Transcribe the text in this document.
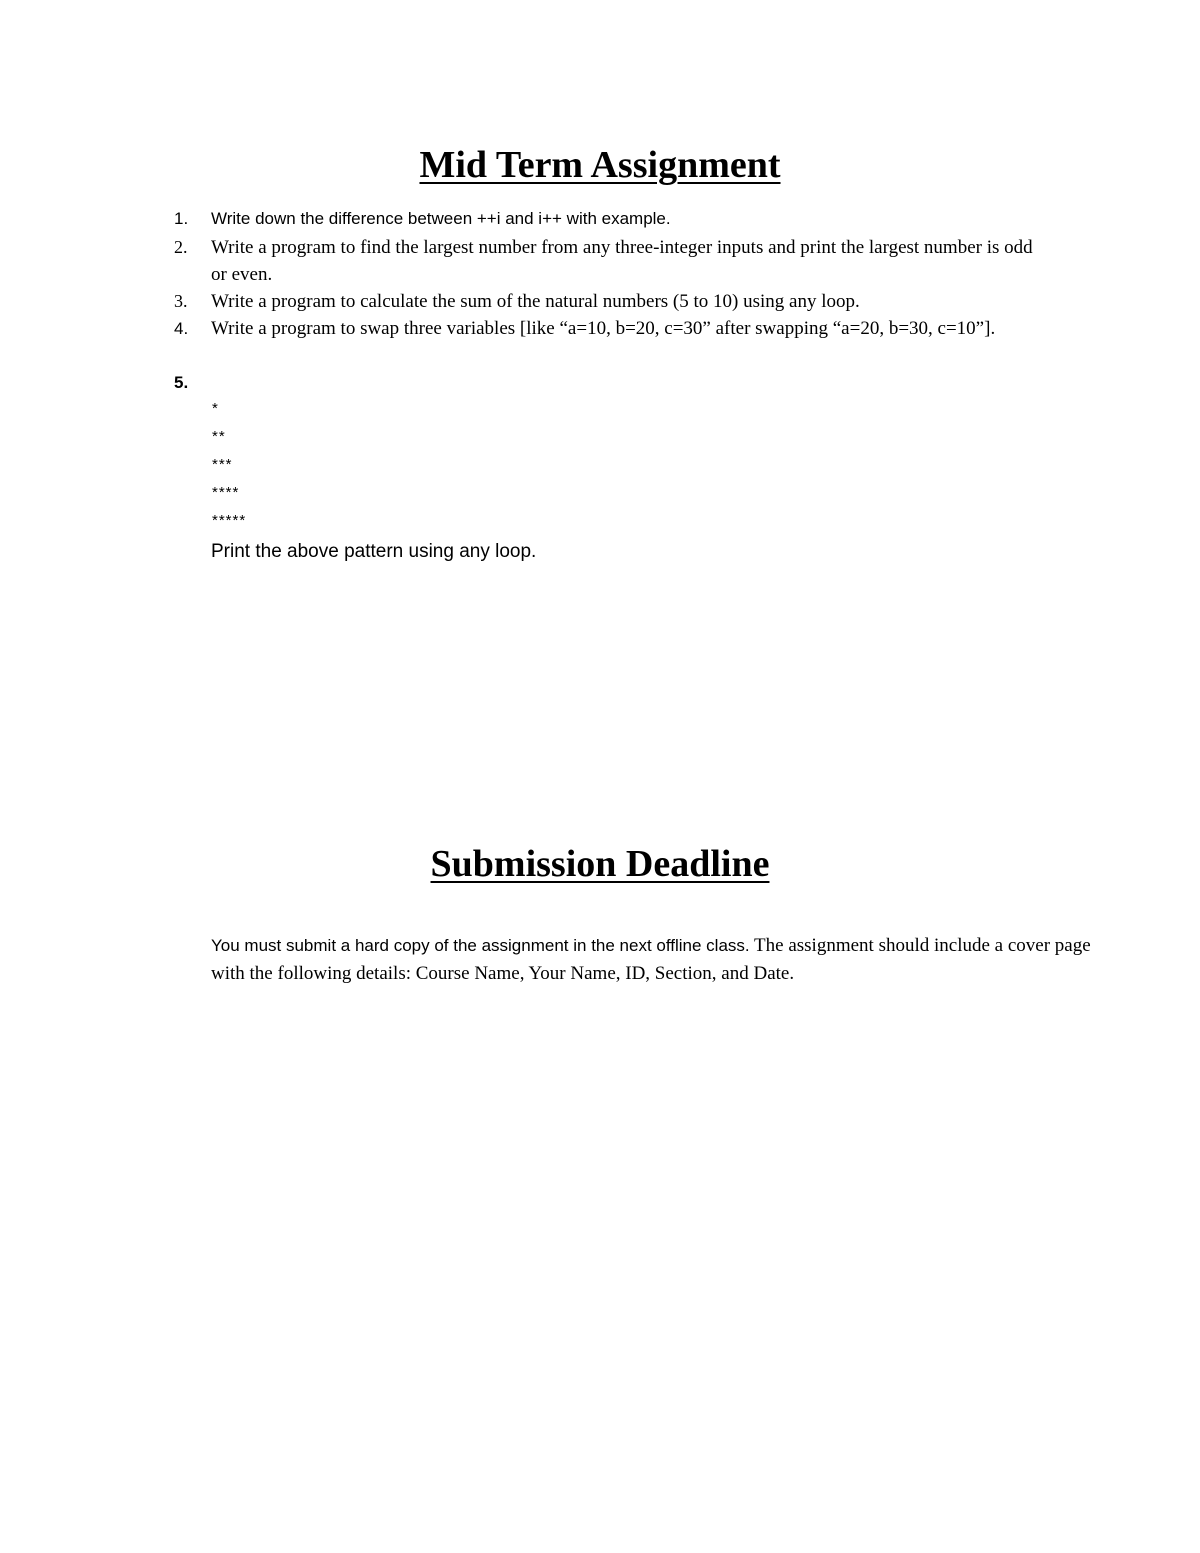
Mid Term Assignment
1. Write down the difference between ++i and i++ with example.
2. Write a program to find the largest number from any three-integer inputs and print the largest number is odd or even.
3. Write a program to calculate the sum of the natural numbers (5 to 10) using any loop.
4. Write a program to swap three variables [like “a=10, b=20, c=30” after swapping “a=20, b=30, c=10”].
5.
*
**
***
****
*****
Print the above pattern using any loop.
Submission Deadline
You must submit a hard copy of the assignment in the next offline class. The assignment should include a cover page with the following details: Course Name, Your Name, ID, Section, and Date.
